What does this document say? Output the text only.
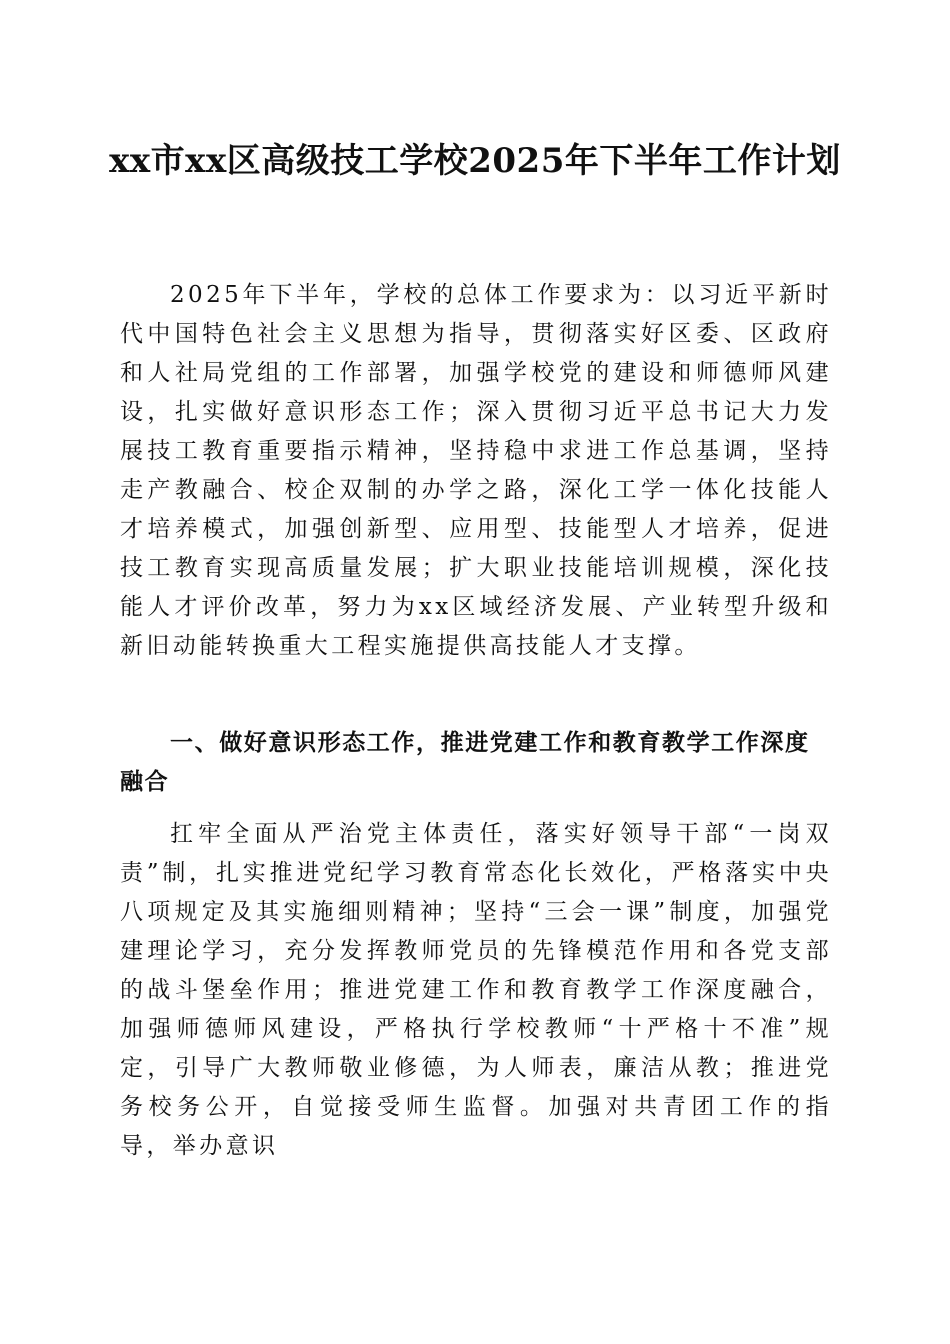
xx市xx区高级技工学校2025年下半年工作计划

2025年下半年，学校的总体工作要求为：以习近平新时代中国特色社会主义思想为指导，贯彻落实好区委、区政府和人社局党组的工作部署，加强学校党的建设和师德师风建设，扎实做好意识形态工作；深入贯彻习近平总书记大力发展技工教育重要指示精神，坚持稳中求进工作总基调，坚持走产教融合、校企双制的办学之路，深化工学一体化技能人才培养模式，加强创新型、应用型、技能型人才培养，促进技工教育实现高质量发展；扩大职业技能培训规模，深化技能人才评价改革，努力为xx区域经济发展、产业转型升级和新旧动能转换重大工程实施提供高技能人才支撑。

一、做好意识形态工作，推进党建工作和教育教学工作深度融合

扛牢全面从严治党主体责任，落实好领导干部“一岗双责”制，扎实推进党纪学习教育常态化长效化，严格落实中央八项规定及其实施细则精神；坚持“三会一课”制度，加强党建理论学习，充分发挥教师党员的先锋模范作用和各党支部的战斗堡垒作用；推进党建工作和教育教学工作深度融合，加强师德师风建设，严格执行学校教师“十严格十不准”规定，引导广大教师敬业修德，为人师表，廉洁从教；推进党务校务公开，自觉接受师生监督。加强对共青团工作的指导，举办意识
